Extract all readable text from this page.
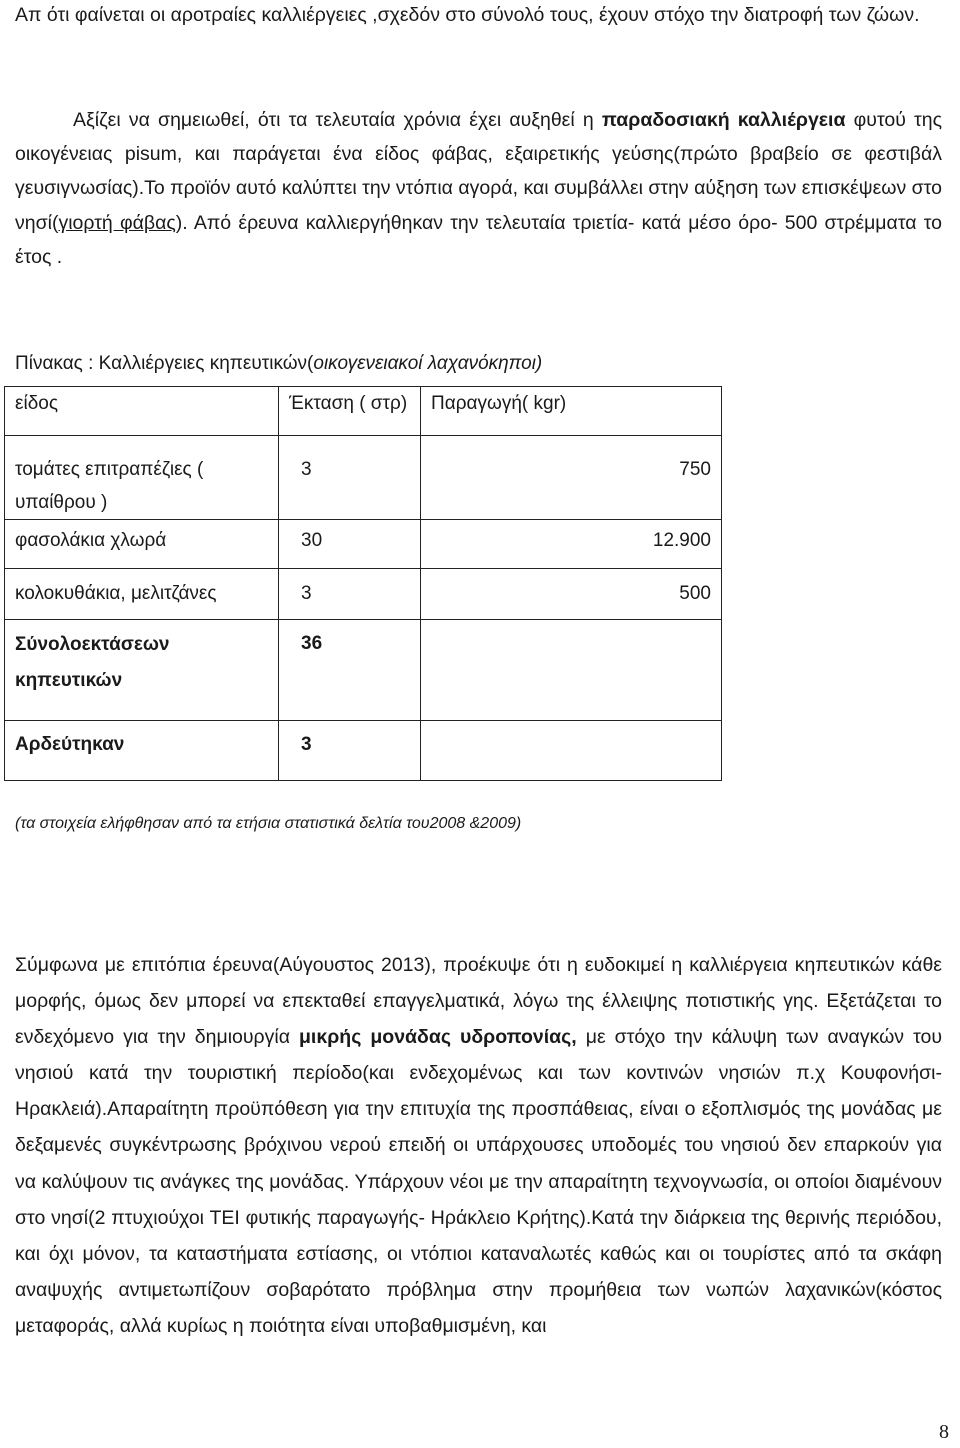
Απ ότι φαίνεται οι αροτραίες καλλιέργειες ,σχεδόν στο σύνολό τους, έχουν στόχο την διατροφή των ζώων.

Αξίζει να σημειωθεί, ότι τα τελευταία χρόνια έχει αυξηθεί η παραδοσιακή καλλιέργεια φυτού της οικογένειας pisum, και παράγεται ένα είδος φάβας, εξαιρετικής γεύσης(πρώτο βραβείο σε φεστιβάλ γευσιγνωσίας).Το προϊόν αυτό καλύπτει την ντόπια αγορά, και συμβάλλει στην αύξηση των επισκέψεων στο νησί(γιορτή φάβας). Από έρευνα καλλιεργήθηκαν την τελευταία τριετία- κατά μέσο όρο- 500 στρέμματα το έτος .

Πίνακας : Καλλιέργειες κηπευτικών(οικογενειακοί λαχανόκηποι)

είδος	Έκταση ( στρ)	Παραγωγή( kgr)
τομάτες επιτραπέζιες ( υπαίθρου )	3	750
φασολάκια χλωρά	30	12.900
κολοκυθάκια, μελιτζάνες	3	500
Σύνολοεκτάσεων κηπευτικών	36	
Αρδεύτηκαν	3	

(τα στοιχεία ελήφθησαν από τα ετήσια στατιστικά δελτία του2008 &2009)

Σύμφωνα με επιτόπια έρευνα(Αύγουστος 2013), προέκυψε ότι η ευδοκιμεί η καλλιέργεια κηπευτικών κάθε μορφής, όμως δεν μπορεί να επεκταθεί επαγγελματικά, λόγω της έλλειψης ποτιστικής γης. Εξετάζεται το ενδεχόμενο για την δημιουργία μικρής μονάδας υδροπονίας, με στόχο την κάλυψη των αναγκών του νησιού κατά την τουριστική περίοδο(και ενδεχομένως και των κοντινών νησιών π.χ Κουφονήσι-Ηρακλειά).Απαραίτητη προϋπόθεση για την επιτυχία της προσπάθειας, είναι ο εξοπλισμός της μονάδας με δεξαμενές συγκέντρωσης βρόχινου νερού επειδή οι υπάρχουσες υποδομές του νησιού δεν επαρκούν για να καλύψουν τις ανάγκες της μονάδας. Υπάρχουν νέοι με την απαραίτητη τεχνογνωσία, οι οποίοι διαμένουν στο νησί(2 πτυχιούχοι ΤΕΙ φυτικής παραγωγής- Ηράκλειο Κρήτης).Κατά την διάρκεια της θερινής περιόδου, και όχι μόνον, τα καταστήματα εστίασης, οι ντόπιοι καταναλωτές καθώς και οι τουρίστες από τα σκάφη αναψυχής αντιμετωπίζουν σοβαρότατο πρόβλημα στην προμήθεια των νωπών λαχανικών(κόστος μεταφοράς, αλλά κυρίως η ποιότητα είναι υποβαθμισμένη, και

8
